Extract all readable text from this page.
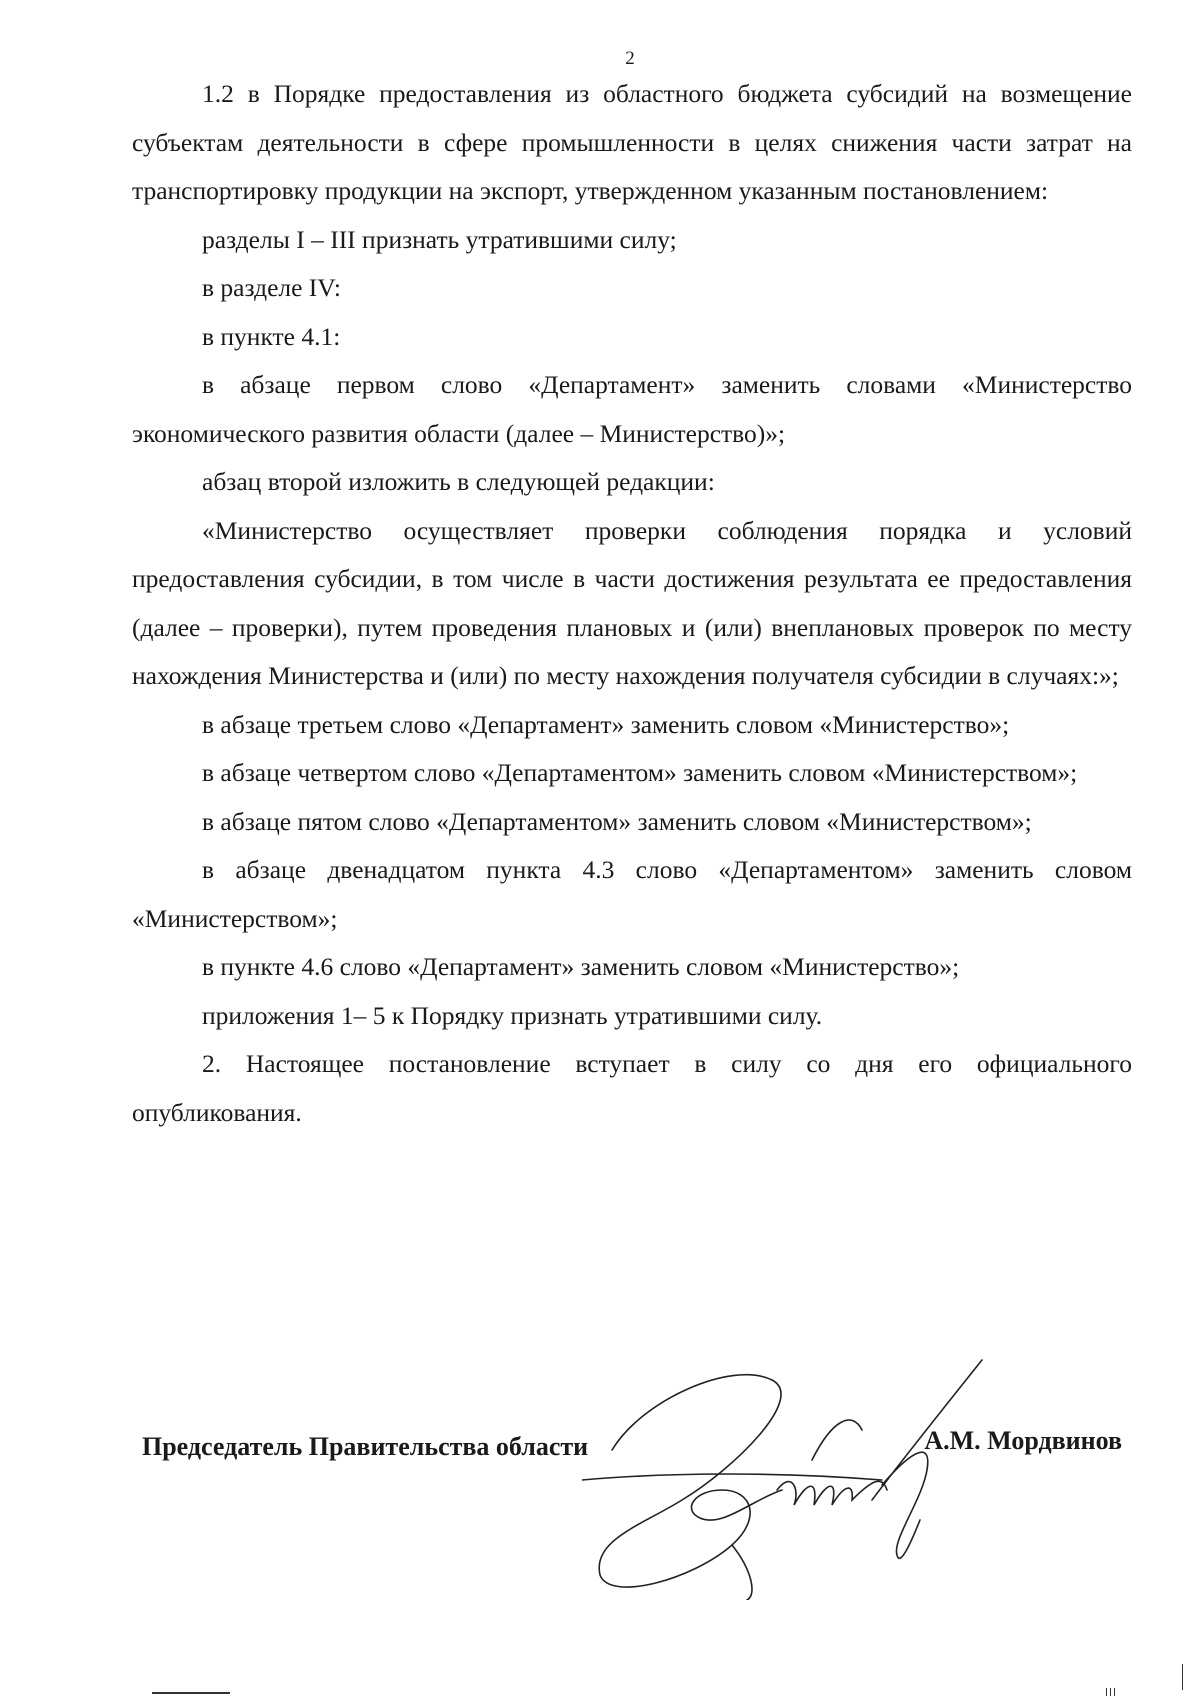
2

1.2 в Порядке предоставления из областного бюджета субсидий на возмещение субъектам деятельности в сфере промышленности в целях снижения части затрат на транспортировку продукции на экспорт, утвержденном указанным постановлением:

разделы I – III признать утратившими силу;

в разделе IV:

в пункте 4.1:

в абзаце первом слово «Департамент» заменить словами «Министерство экономического развития области (далее – Министерство)»;

абзац второй изложить в следующей редакции:

«Министерство осуществляет проверки соблюдения порядка и условий предоставления субсидии, в том числе в части достижения результата ее предоставления (далее – проверки), путем проведения плановых и (или) внеплановых проверок по месту нахождения Министерства и (или) по месту нахождения получателя субсидии в случаях:»;

в абзаце третьем слово «Департамент» заменить словом «Министерство»;

в абзаце четвертом слово «Департаментом» заменить словом «Министерством»;

в абзаце пятом слово «Департаментом» заменить словом «Министерством»;

в абзаце двенадцатом пункта 4.3 слово «Департаментом» заменить словом «Министерством»;

в пункте 4.6 слово «Департамент» заменить словом «Министерство»;

приложения 1– 5 к Порядку признать утратившими силу.

2. Настоящее постановление вступает в силу со дня его официального опубликования.

Председатель Правительства области	А.М. Мордвинов
